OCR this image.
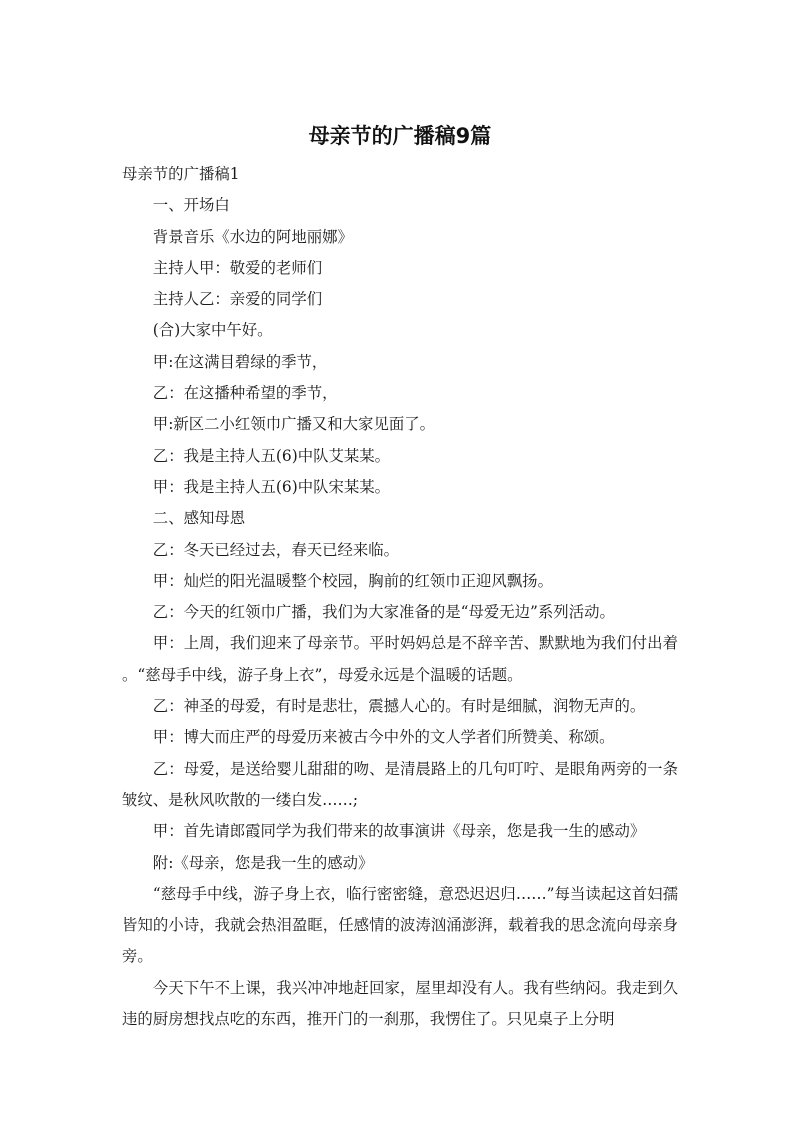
母亲节的广播稿9篇

母亲节的广播稿1

一、开场白

背景音乐《水边的阿地丽娜》

主持人甲：敬爱的老师们

主持人乙：亲爱的同学们

(合)大家中午好。

甲:在这满目碧绿的季节，

乙：在这播种希望的季节，

甲:新区二小红领巾广播又和大家见面了。

乙：我是主持人五(6)中队艾某某。

甲：我是主持人五(6)中队宋某某。

二、感知母恩

乙：冬天已经过去，春天已经来临。

甲：灿烂的阳光温暖整个校园，胸前的红领巾正迎风飘扬。

乙：今天的红领巾广播，我们为大家准备的是“母爱无边”系列活动。

甲：上周，我们迎来了母亲节。平时妈妈总是不辞辛苦、默默地为我们付出着。“慈母手中线，游子身上衣”，母爱永远是个温暖的话题。

乙：神圣的母爱，有时是悲壮，震撼人心的。有时是细腻，润物无声的。

甲：博大而庄严的母爱历来被古今中外的文人学者们所赞美、称颂。

乙：母爱，是送给婴儿甜甜的吻、是清晨路上的几句叮咛、是眼角两旁的一条皱纹、是秋风吹散的一缕白发……;

甲：首先请郎霞同学为我们带来的故事演讲《母亲，您是我一生的感动》

附:《母亲，您是我一生的感动》

“慈母手中线，游子身上衣，临行密密缝，意恐迟迟归……”每当读起这首妇孺皆知的小诗，我就会热泪盈眶，任感情的波涛汹涌澎湃，载着我的思念流向母亲身旁。

今天下午不上课，我兴冲冲地赶回家，屋里却没有人。我有些纳闷。我走到久违的厨房想找点吃的东西，推开门的一刹那，我愣住了。只见桌子上分明
